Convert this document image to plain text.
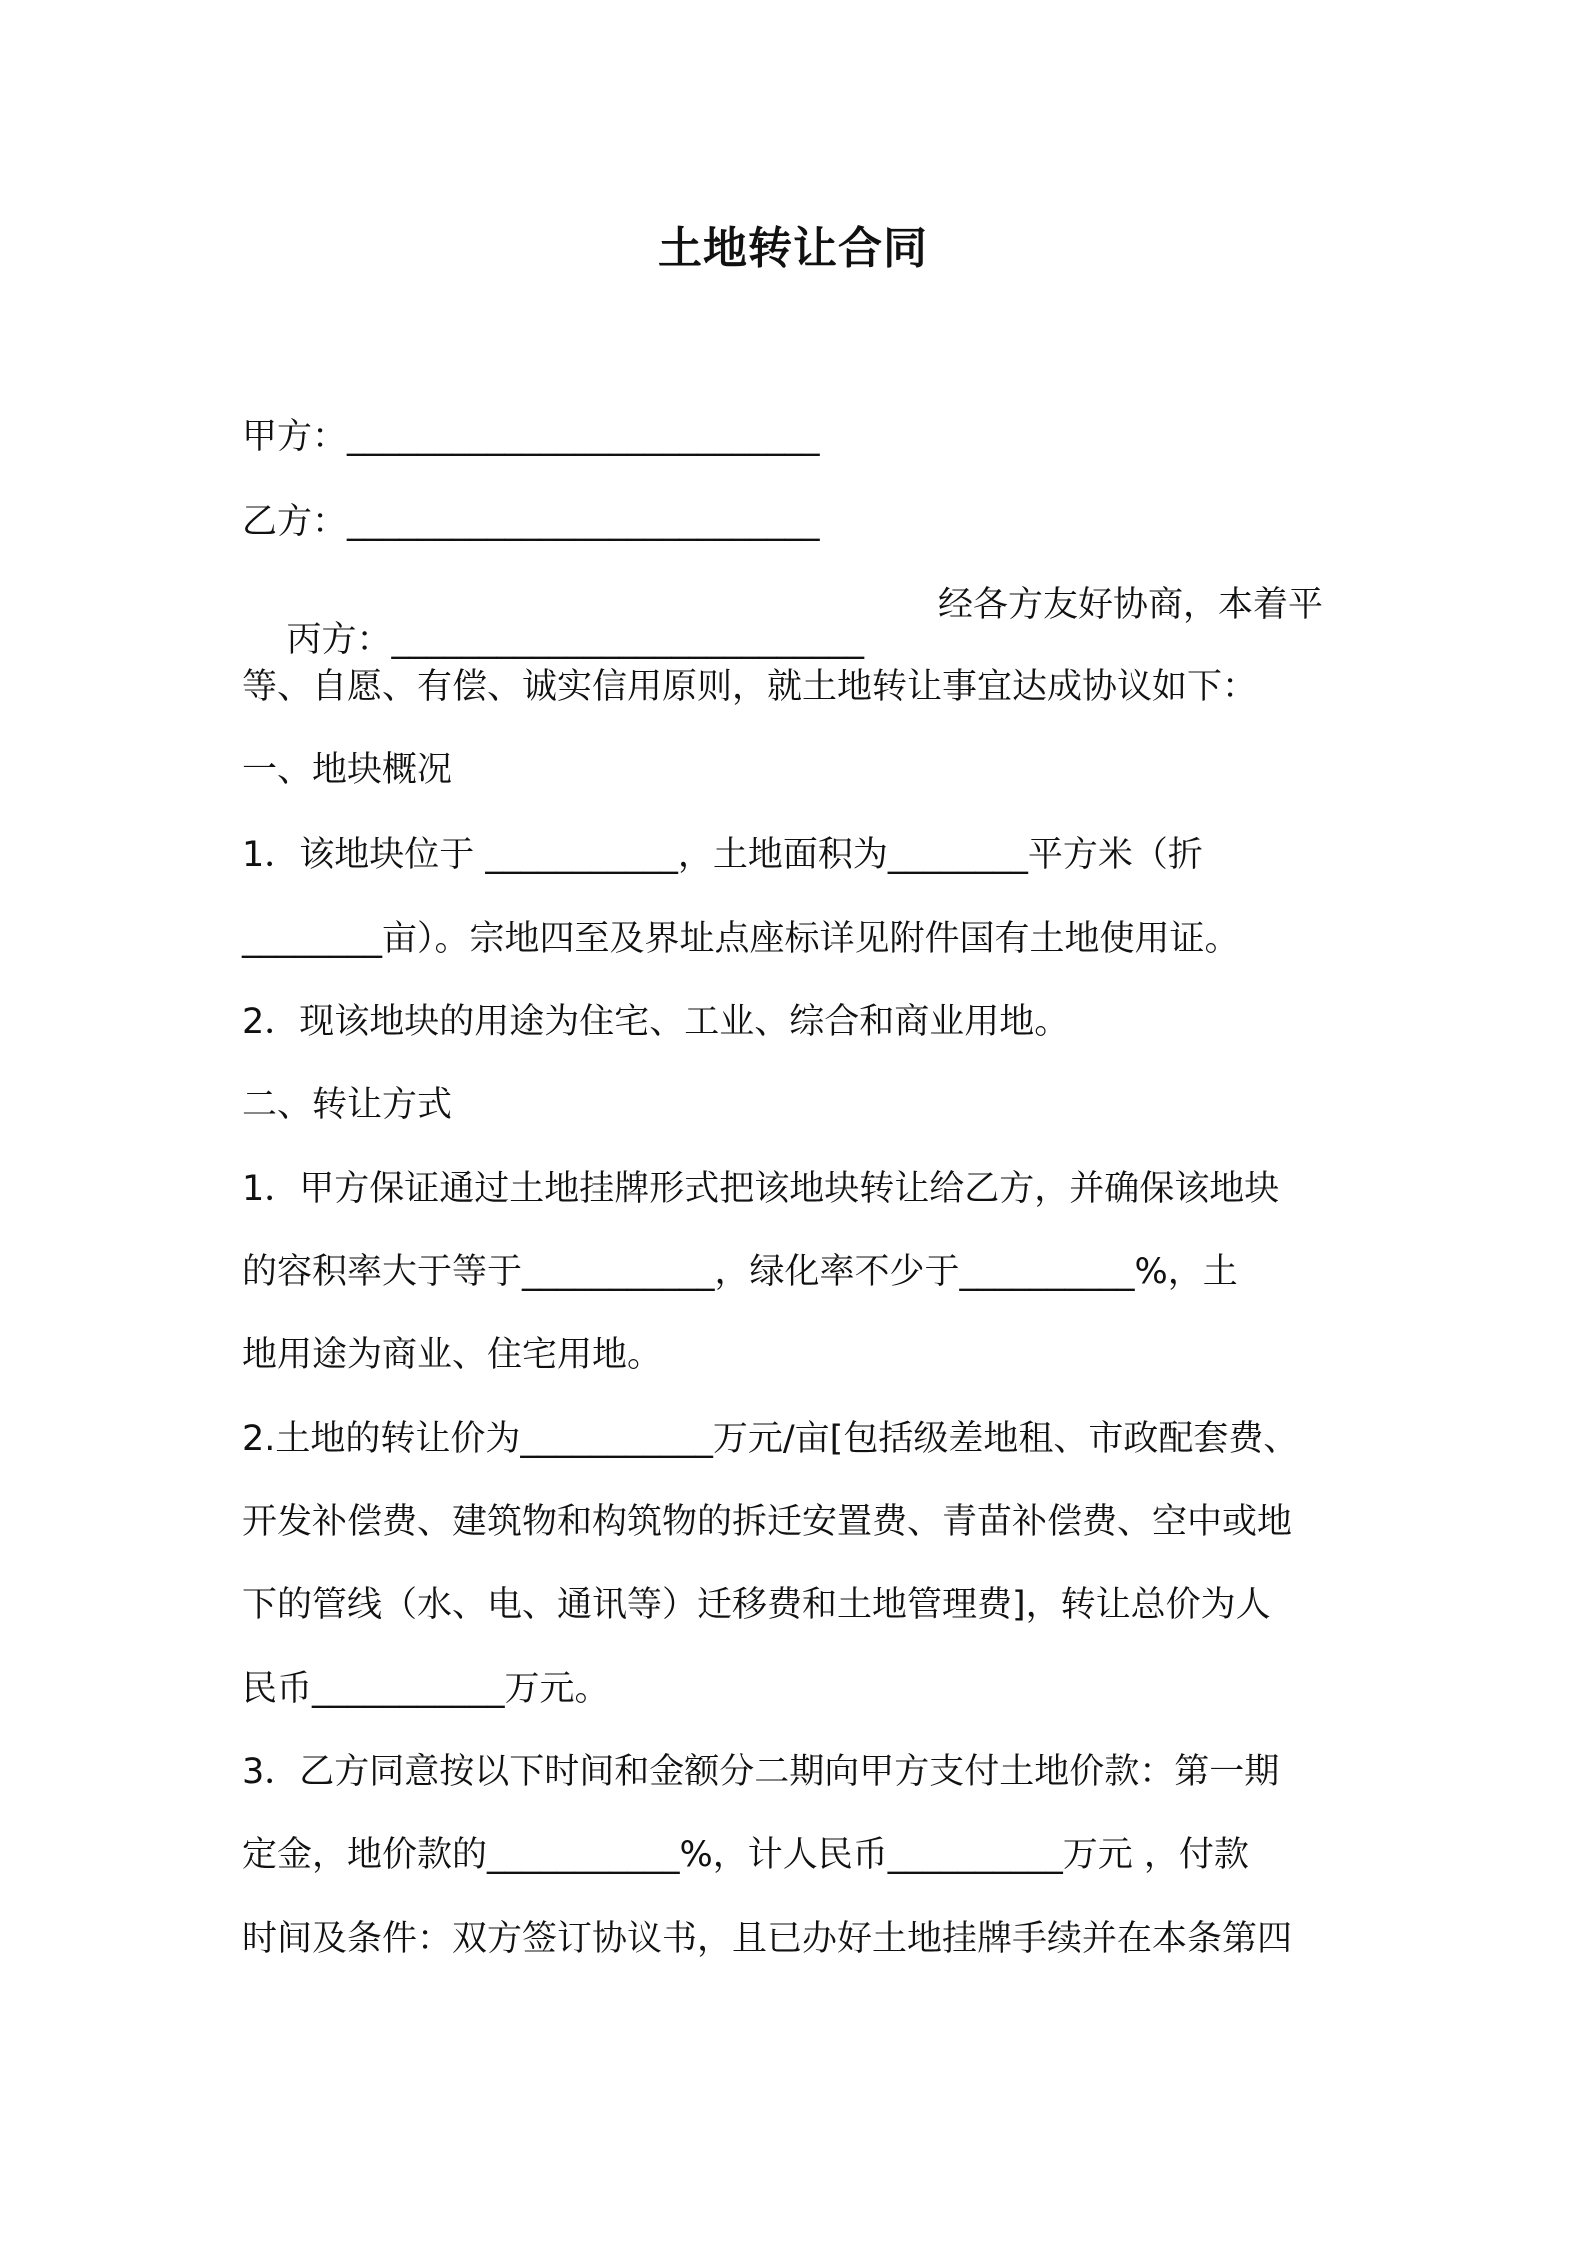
土地转让合同
甲方：___________________________
乙方：___________________________

丙方：___________________________

经各方友好协商，本着平
等、自愿、有偿、诚实信用原则，就土地转让事宜达成协议如下：
一、地块概况
1．该地块位于 ___________，土地面积为________平方米（折
________亩）。宗地四至及界址点座标详见附件国有土地使用证。
2．现该地块的用途为住宅、工业、综合和商业用地。
二、转让方式
1．甲方保证通过土地挂牌形式把该地块转让给乙方，并确保该地块
的容积率大于等于___________，绿化率不少于__________%，土
地用途为商业、住宅用地。
2.土地的转让价为___________万元/亩[包括级差地租、市政配套费、
开发补偿费、建筑物和构筑物的拆迁安置费、青苗补偿费、空中或地
下的管线（水、电、通讯等）迁移费和土地管理费]，转让总价为人
民币___________万元。
3．乙方同意按以下时间和金额分二期向甲方支付土地价款：第一期
定金，地价款的___________%，计人民币__________万元 ，付款
时间及条件：双方签订协议书，且已办好土地挂牌手续并在本条第四
